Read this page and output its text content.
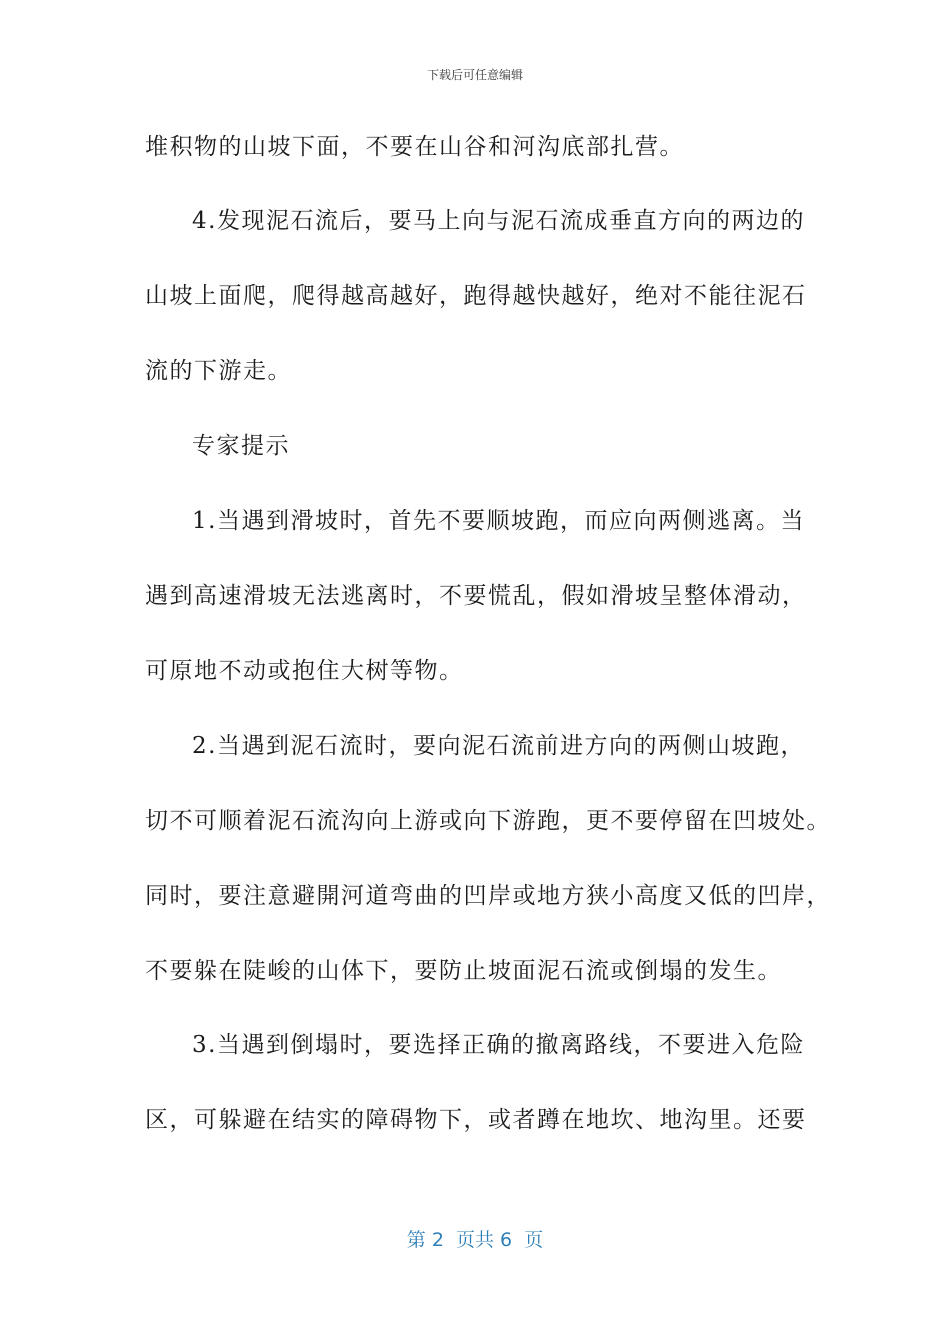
下载后可任意编辑
堆积物的山坡下面，不要在山谷和河沟底部扎营。
4.发现泥石流后，要马上向与泥石流成垂直方向的两边的
山坡上面爬，爬得越高越好，跑得越快越好，绝对不能往泥石
流的下游走。
专家提示
1.当遇到滑坡时，首先不要顺坡跑，而应向两侧逃离。当
遇到高速滑坡无法逃离时，不要慌乱，假如滑坡呈整体滑动，
可原地不动或抱住大树等物。
2.当遇到泥石流时，要向泥石流前进方向的两侧山坡跑，
切不可顺着泥石流沟向上游或向下游跑，更不要停留在凹坡处。
同时，要注意避開河道弯曲的凹岸或地方狭小高度又低的凹岸，
不要躲在陡峻的山体下，要防止坡面泥石流或倒塌的发生。
3.当遇到倒塌时，要选择正确的撤离路线，不要进入危险
区，可躲避在结实的障碍物下，或者蹲在地坎、地沟里。还要
第 2  页共 6  页
